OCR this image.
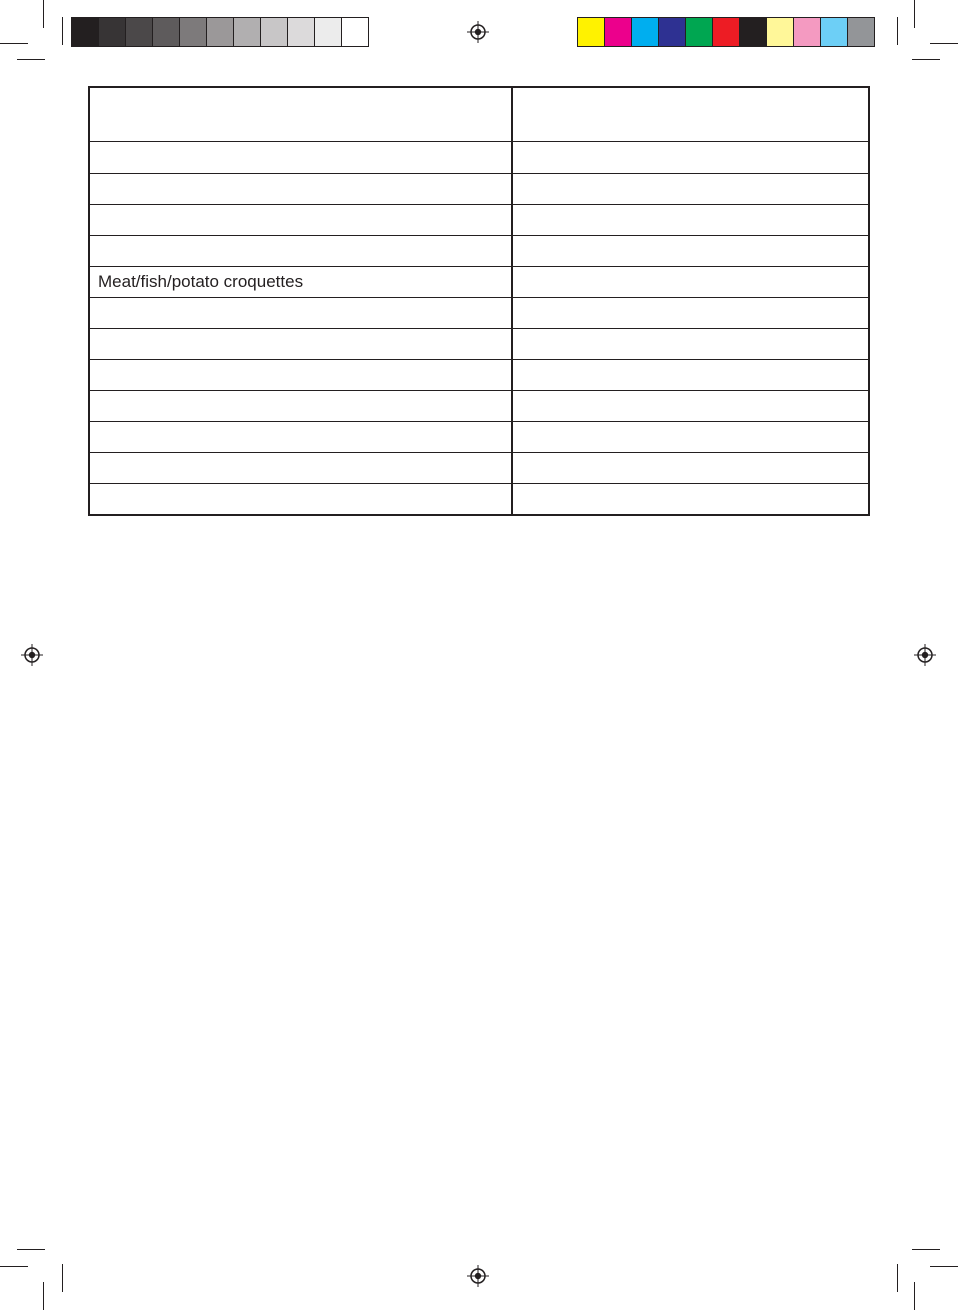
Meat/fish/potato croquettes
